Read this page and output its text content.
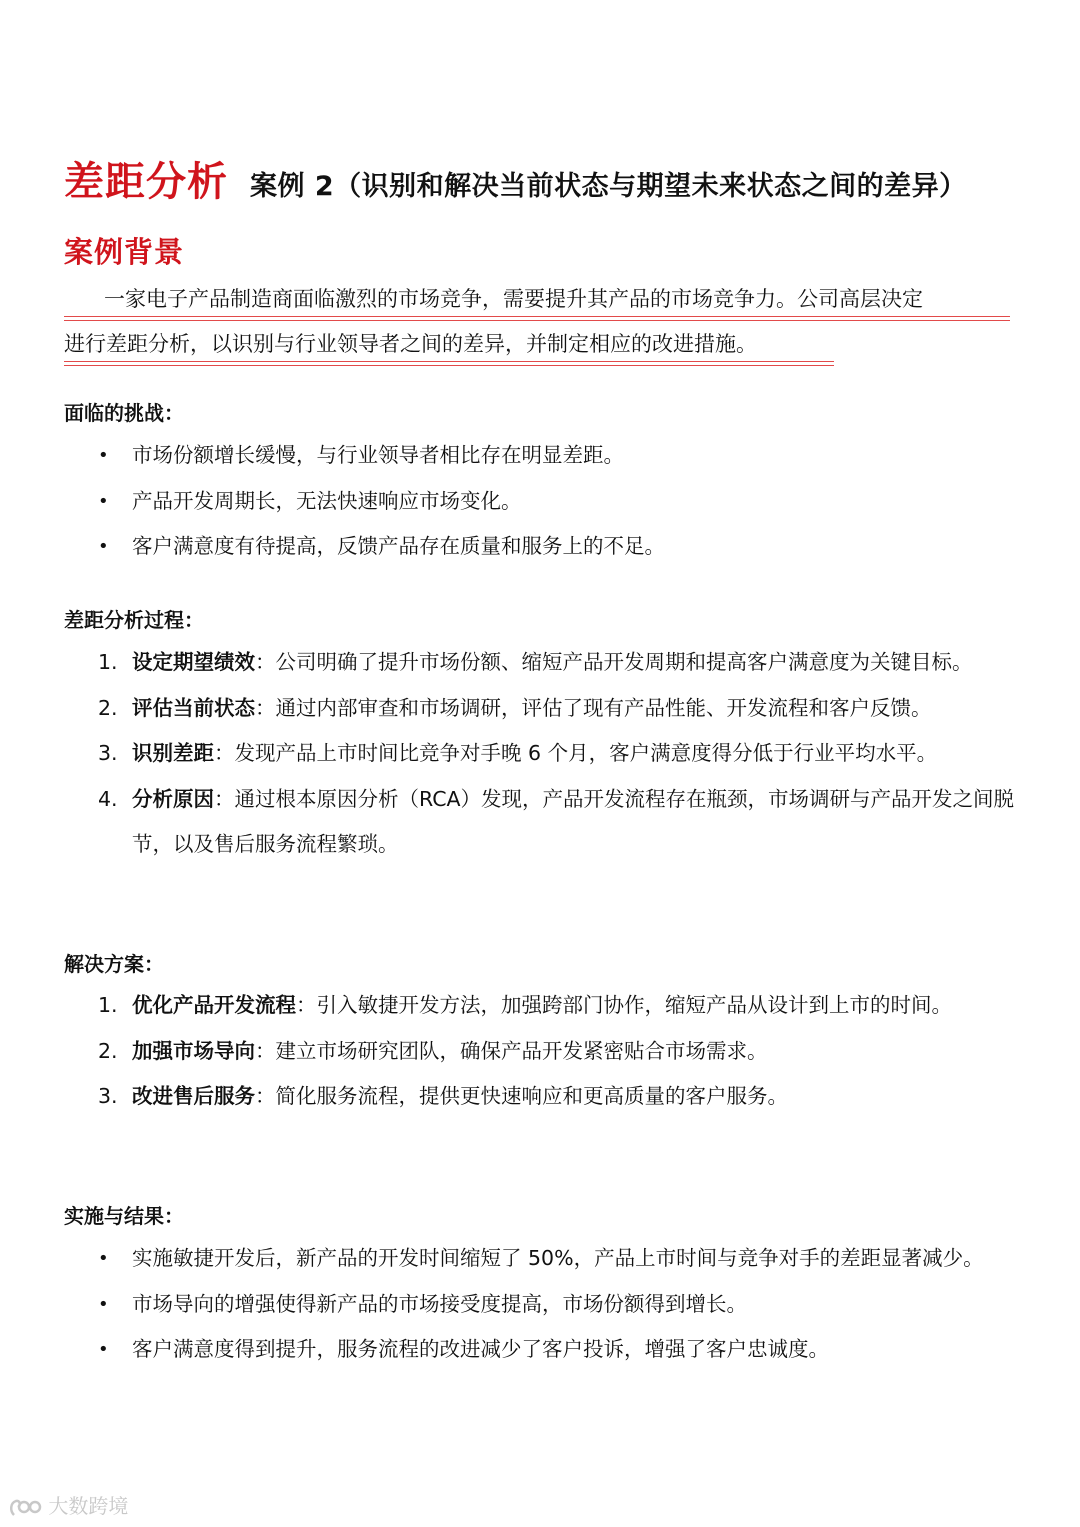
差距分析 案例 2（识别和解决当前状态与期望未来状态之间的差异）
案例背景
一家电子产品制造商面临激烈的市场竞争，需要提升其产品的市场竞争力。公司高层决定
进行差距分析，以识别与行业领导者之间的差异，并制定相应的改进措施。
面临的挑战：
• 市场份额增长缓慢，与行业领导者相比存在明显差距。
• 产品开发周期长，无法快速响应市场变化。
• 客户满意度有待提高，反馈产品存在质量和服务上的不足。
差距分析过程：
1. 设定期望绩效：公司明确了提升市场份额、缩短产品开发周期和提高客户满意度为关键目标。
2. 评估当前状态：通过内部审查和市场调研，评估了现有产品性能、开发流程和客户反馈。
3. 识别差距：发现产品上市时间比竞争对手晚 6 个月，客户满意度得分低于行业平均水平。
4. 分析原因：通过根本原因分析（RCA）发现，产品开发流程存在瓶颈，市场调研与产品开发之间脱节，以及售后服务流程繁琐。
解决方案：
1. 优化产品开发流程：引入敏捷开发方法，加强跨部门协作，缩短产品从设计到上市的时间。
2. 加强市场导向：建立市场研究团队，确保产品开发紧密贴合市场需求。
3. 改进售后服务：简化服务流程，提供更快速响应和更高质量的客户服务。
实施与结果：
• 实施敏捷开发后，新产品的开发时间缩短了 50%，产品上市时间与竞争对手的差距显著减少。
• 市场导向的增强使得新产品的市场接受度提高，市场份额得到增长。
• 客户满意度得到提升，服务流程的改进减少了客户投诉，增强了客户忠诚度。
大数跨境
